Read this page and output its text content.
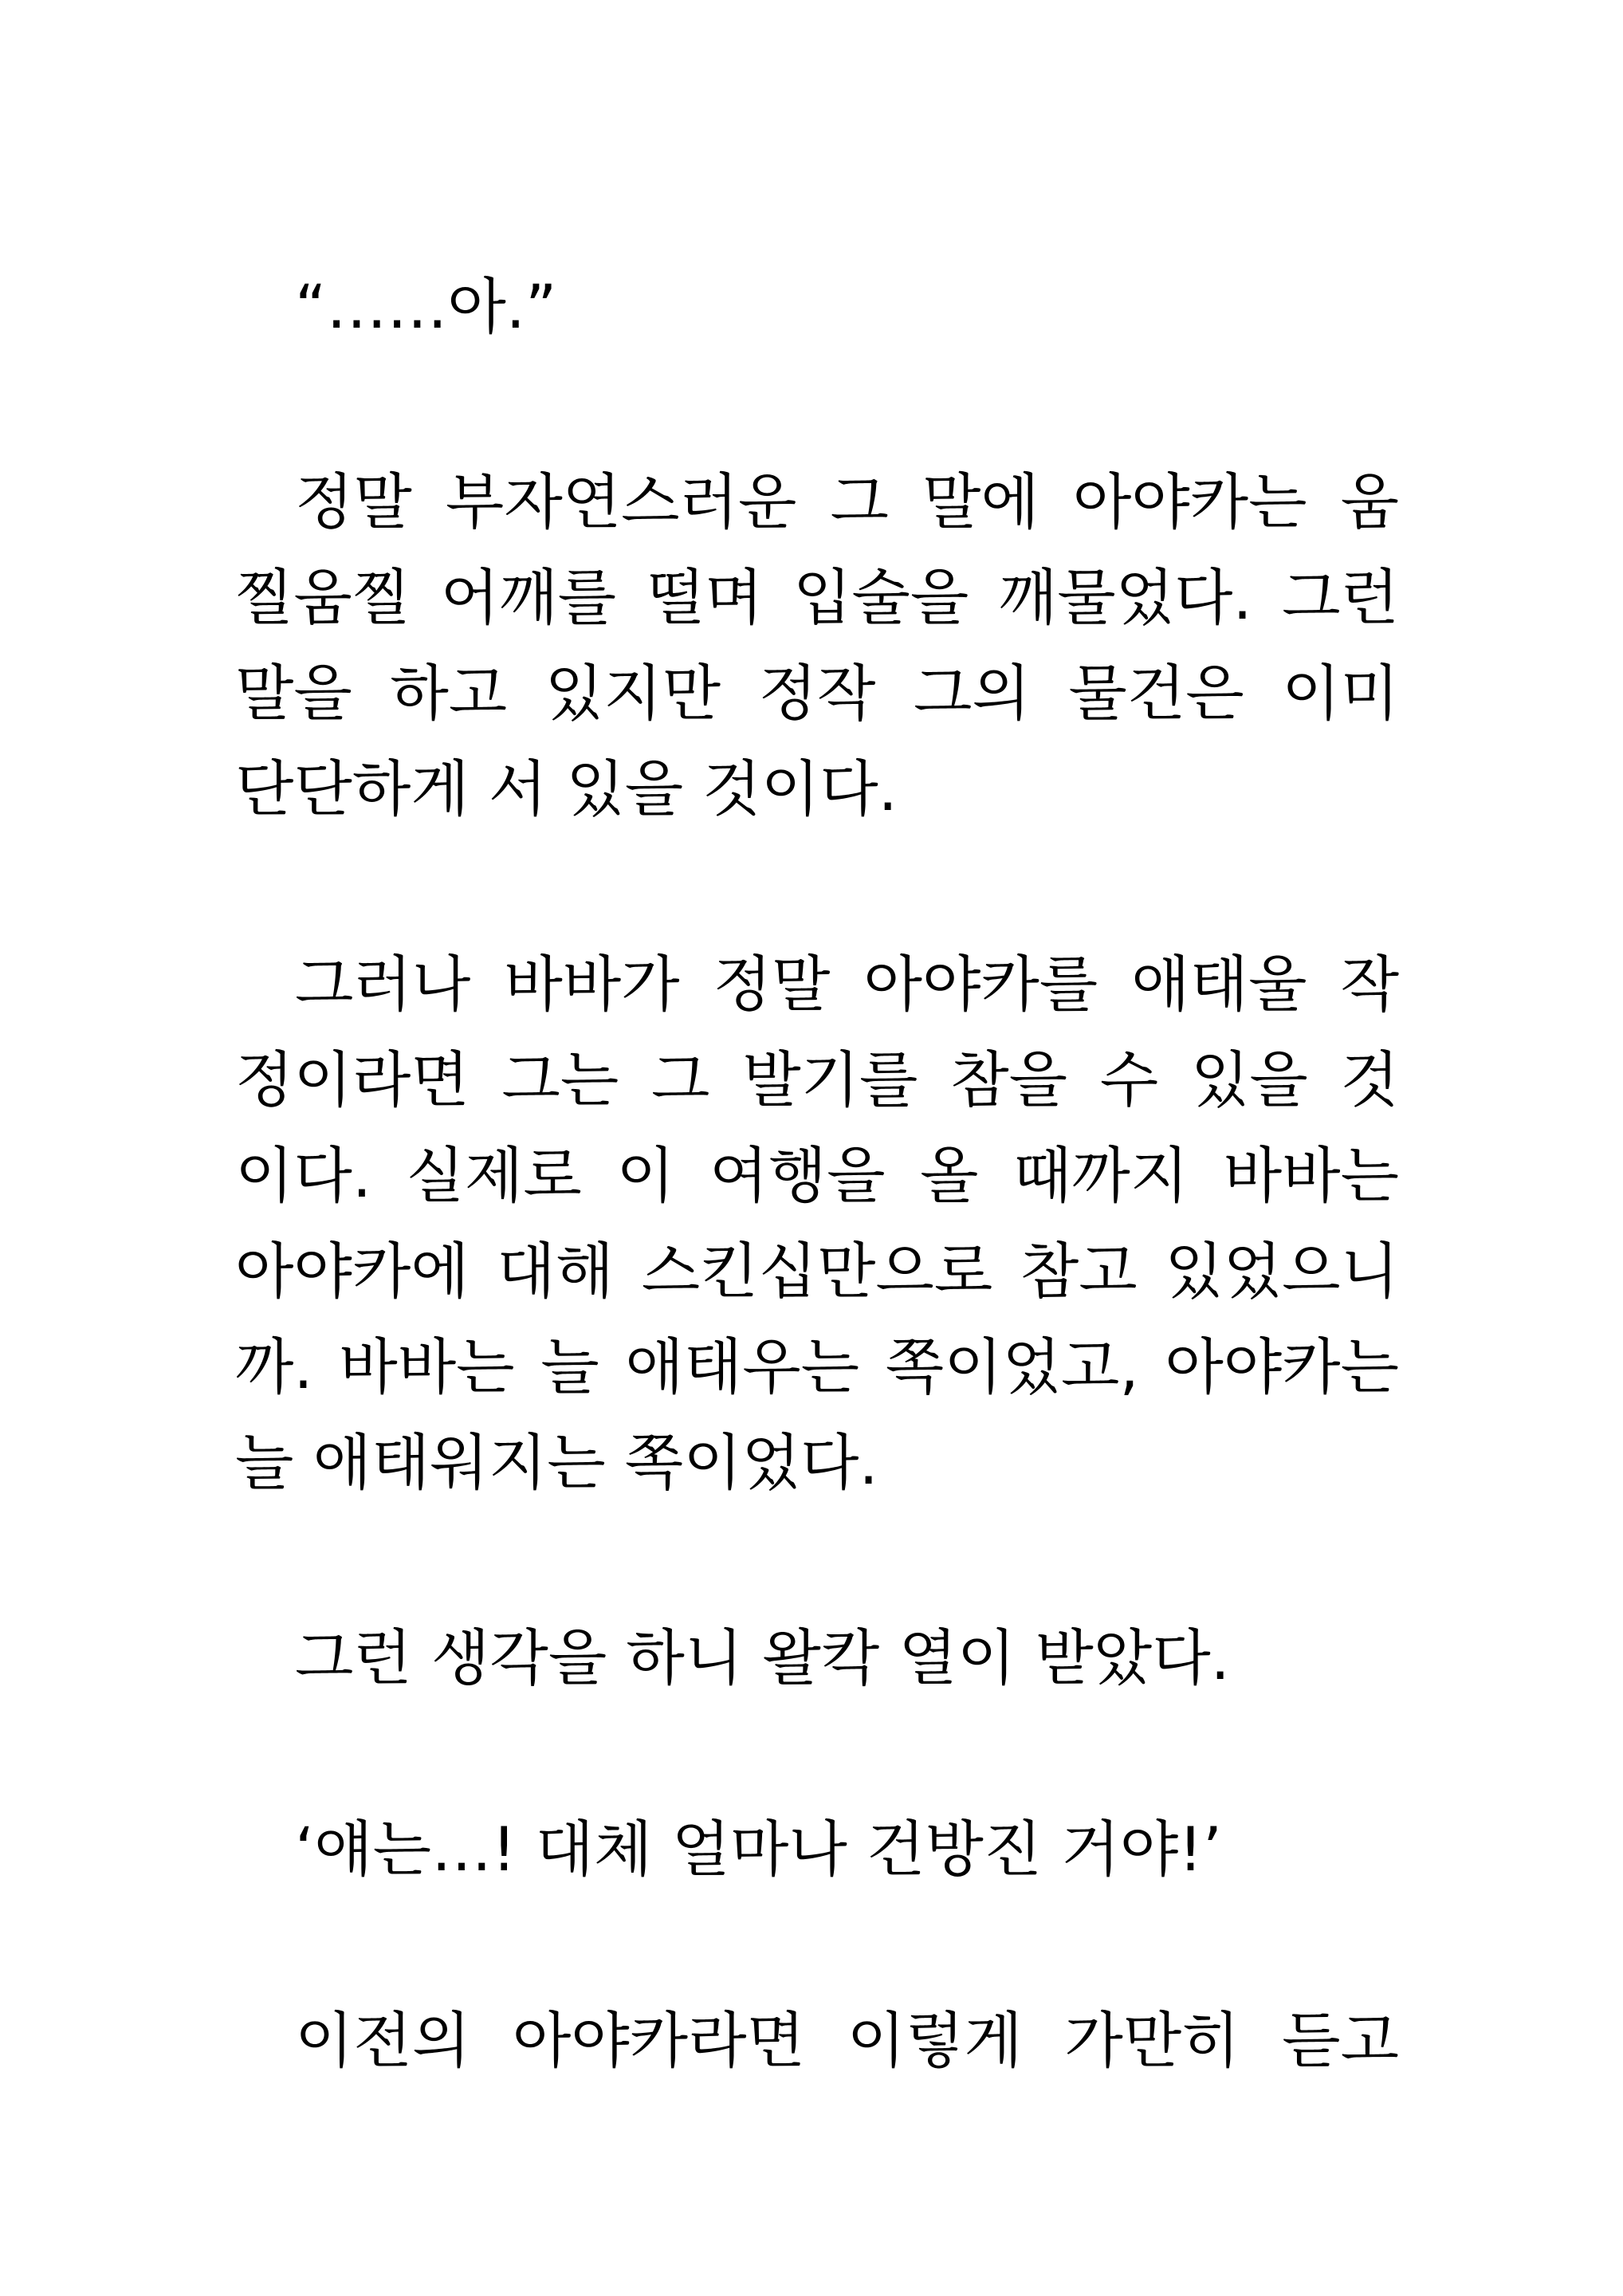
“……아.”
정말 부자연스러운 그 말에 아야카는 움
찔움찔 어깨를 떨며 입술을 깨물었다. 그런
말을 하고 있지만 정작 그의 물건은 이미
단단하게 서 있을 것이다.
그러나 바바가 정말 아야카를 애태울 작
정이라면 그는 그 발기를 참을 수 있을 것
이다. 실제로 이 여행을 올 때까지 바바는
아야카에 대해 스킨십만으로 참고 있었으니
까. 바바는 늘 애태우는 쪽이었고, 아야카는
늘 애태워지는 쪽이었다.
그런 생각을 하니 왈칵 열이 받았다.
‘얘는…! 대체 얼마나 건방진 거야!’
이전의 아야카라면 이렇게 가만히 듣고
